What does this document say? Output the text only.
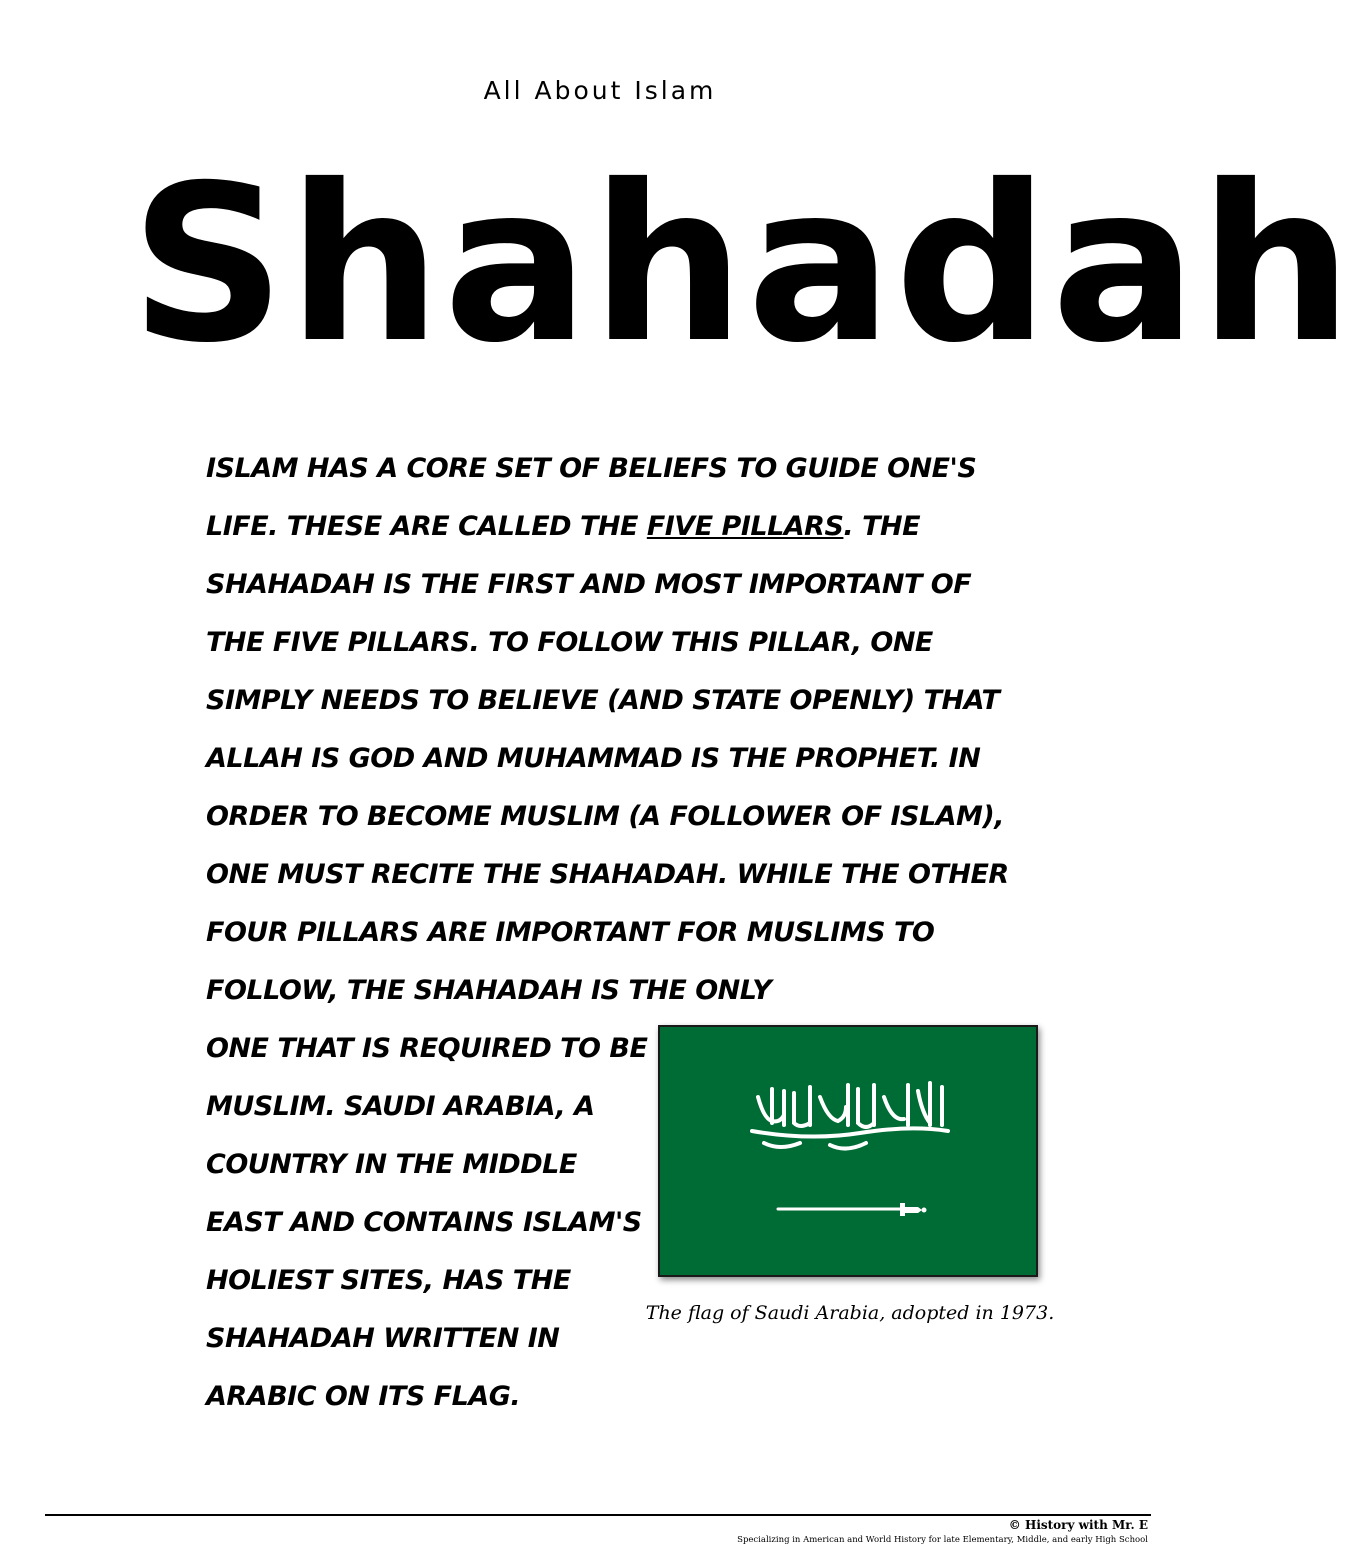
All About Islam
Shahadah
ISLAM HAS A CORE SET OF BELIEFS TO GUIDE ONE'S
LIFE. THESE ARE CALLED THE FIVE PILLARS. THE
SHAHADAH IS THE FIRST AND MOST IMPORTANT OF
THE FIVE PILLARS. TO FOLLOW THIS PILLAR, ONE
SIMPLY NEEDS TO BELIEVE (AND STATE OPENLY) THAT
ALLAH IS GOD AND MUHAMMAD IS THE PROPHET. IN
ORDER TO BECOME MUSLIM (A FOLLOWER OF ISLAM),
ONE MUST RECITE THE SHAHADAH. WHILE THE OTHER
FOUR PILLARS ARE IMPORTANT FOR MUSLIMS TO
FOLLOW, THE SHAHADAH IS THE ONLY
ONE THAT IS REQUIRED TO BE
MUSLIM. SAUDI ARABIA, A
COUNTRY IN THE MIDDLE
EAST AND CONTAINS ISLAM'S
HOLIEST SITES, HAS THE
SHAHADAH WRITTEN IN
ARABIC ON ITS FLAG.
The flag of Saudi Arabia, adopted in 1973.
© History with Mr. E
Specializing in American and World History for late Elementary, Middle, and early High School
